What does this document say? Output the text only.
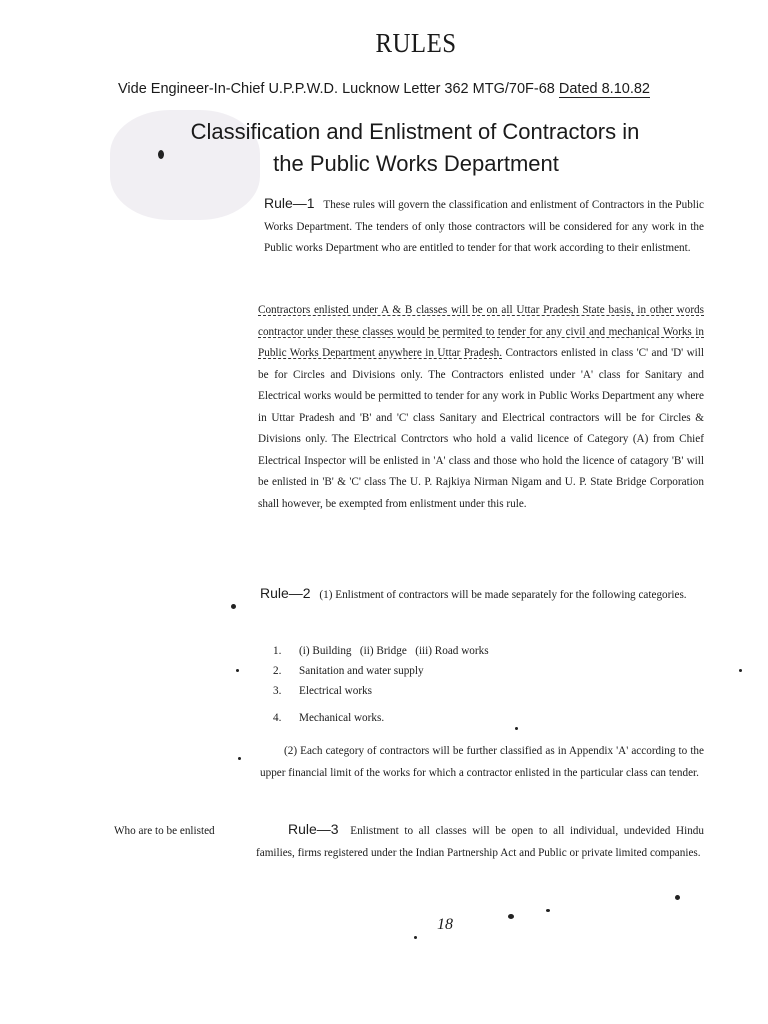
RULES
Vide Engineer-In-Chief U.P.P.W.D. Lucknow Letter 362 MTG/70F-68 Dated 8.10.82
Classification and Enlistment of Contractors in
the Public Works Department
Rule—1 These rules will govern the classification and enlistment of Contractors in the Public Works Department. The tenders of only those contractors will be considered for any work in the Public works Department who are entitled to tender for that work according to their enlistment.
Contractors enlisted under A & B classes will be on all Uttar Pradesh State basis, in other words contractor under these classes would be permited to tender for any civil and mechanical Works in Public Works Department anywhere in Uttar Pradesh. Contractors enlisted in class 'C' and 'D' will be for Circles and Divisions only. The Contractors enlisted under 'A' class for Sanitary and Electrical works would be permitted to tender for any work in Public Works Department any where in Uttar Pradesh and 'B' and 'C' class Sanitary and Electrical contractors will be for Circles & Divisions only. The Electrical Contrctors who hold a valid licence of Category (A) from Chief Electrical Inspector will be enlisted in 'A' class and those who hold the licence of catagory 'B' will be enlisted in 'B' & 'C' class The U. P. Rajkiya Nirman Nigam and U. P. State Bridge Corporation shall however, be exempted from enlistment under this rule.
Rule—2 (1) Enlistment of contractors will be made separately for the following categories.
1. (i) Building   (ii) Bridge   (iii) Road works
2. Sanitation and water supply
3. Electrical works
4. Mechanical works.
(2) Each category of contractors will be further classified as in Appendix 'A' according to the upper financial limit of the works for which a contractor enlisted in the particular class can tender.
Who are to be enlisted	Rule—3 Enlistment to all classes will be open to all individual, undevided Hindu families, firms registered under the Indian Partnership Act and Public or private limited companies.
18
